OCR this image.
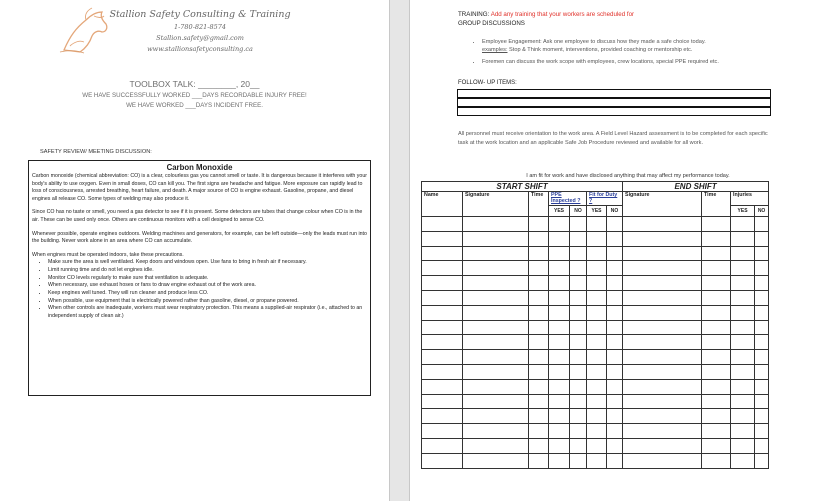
Stallion Safety Consulting & Training
1-780-821-8574
Stallion.safety@gmail.com
www.stallionsafetyconsulting.ca
TOOLBOX TALK: ________, 20__
WE HAVE SUCCESSFULLY WORKED ___DAYS RECORDABLE INJURY FREE!
WE HAVE WORKED ___DAYS INCIDENT FREE.
SAFETY REVIEW/ MEETING DISCUSSION:
Carbon Monoxide

Carbon monoxide (chemical abbreviation: CO) is a clear, colourless gas you cannot smell or taste. It is dangerous because it interferes with your body's ability to use oxygen. Even in small doses, CO can kill you. The first signs are headache and fatigue. More exposure can rapidly lead to loss of consciousness, arrested breathing, heart failure, and death. A major source of CO is engine exhaust. Gasoline, propane, and diesel engines all release CO. Some types of welding may also produce it.

Since CO has no taste or smell, you need a gas detector to see if it is present. Some detectors are tubes that change colour when CO is in the air. These can be used only once. Others are continuous monitors with a cell designed to sense CO.

Whenever possible, operate engines outdoors. Welding machines and generators, for example, can be left outside—only the leads must run into the building. Never work alone in an area where CO can accumulate.

When engines must be operated indoors, take these precautions.

• Make sure the area is well ventilated. Keep doors and windows open. Use fans to bring in fresh air if necessary.
• Limit running time and do not let engines idle.
• Monitor CO levels regularly to make sure that ventilation is adequate.
• When necessary, use exhaust hoses or fans to draw engine exhaust out of the work area.
• Keep engines well tuned. They will run cleaner and produce less CO.
• When possible, use equipment that is electrically powered rather than gasoline, diesel, or propane powered.
• When other controls are inadequate, workers must wear respiratory protection. This means a supplied-air respirator (i.e., attached to an independent supply of clean air.)
TRAINING: Add any training that your workers are scheduled for
GROUP DISCUSSIONS
• Employee Engagement: Ask one employee to discuss how they made a safe choice today.
examples: Stop & Think moment, interventions, provided coaching or mentorship etc.
• Foremen can discuss the work scope with employees, crew locations, special PPE required etc.
FOLLOW- UP ITEMS:
All personnel must receive orientation to the work area. A Field Level Hazard assessment is to be completed for each specific task at the work location and an applicable Safe Job Procedure reviewed and available for all work.
I am fit for work and have disclosed anything that may affect my performance today.
START SHIFT							END SHIFT				
Name	Signature	Time	PPE Inspected ?		Fit for Duty ?		Signature	Time	Injuries		
			YES	NO	YES	NO			YES	NO	
